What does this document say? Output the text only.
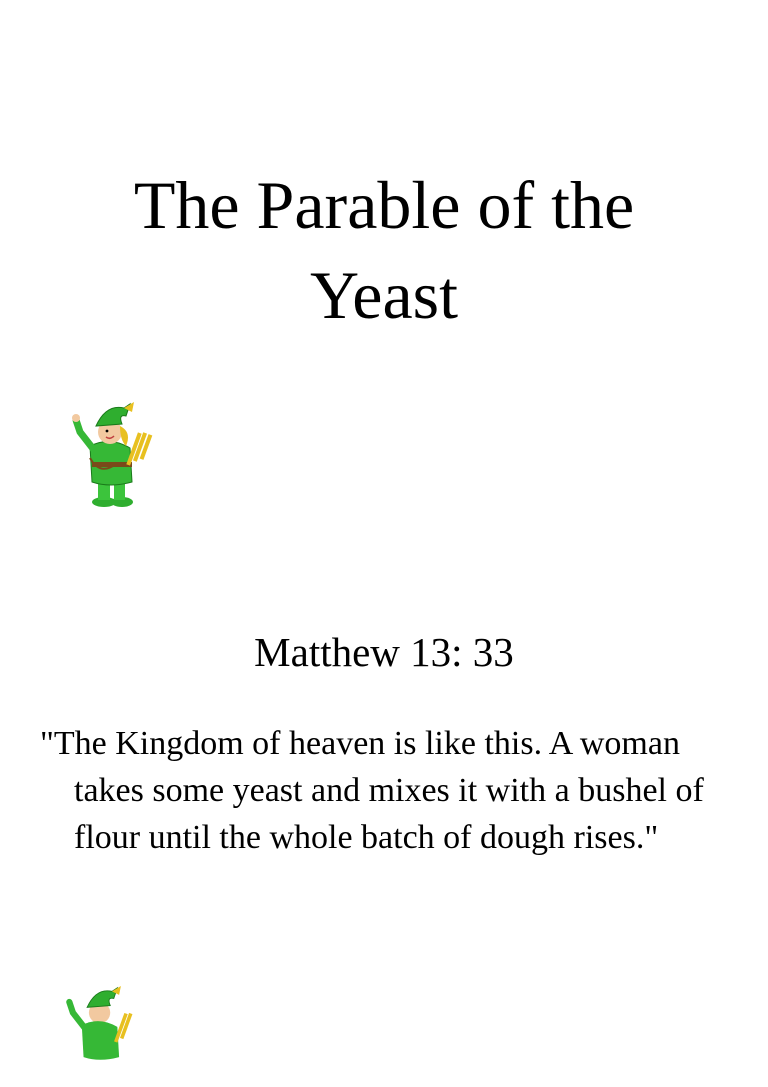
The Parable of the
Yeast

Matthew 13: 33

"The Kingdom of heaven is like this. A woman takes some yeast and mixes it with a bushel of flour until the whole batch of dough rises."
